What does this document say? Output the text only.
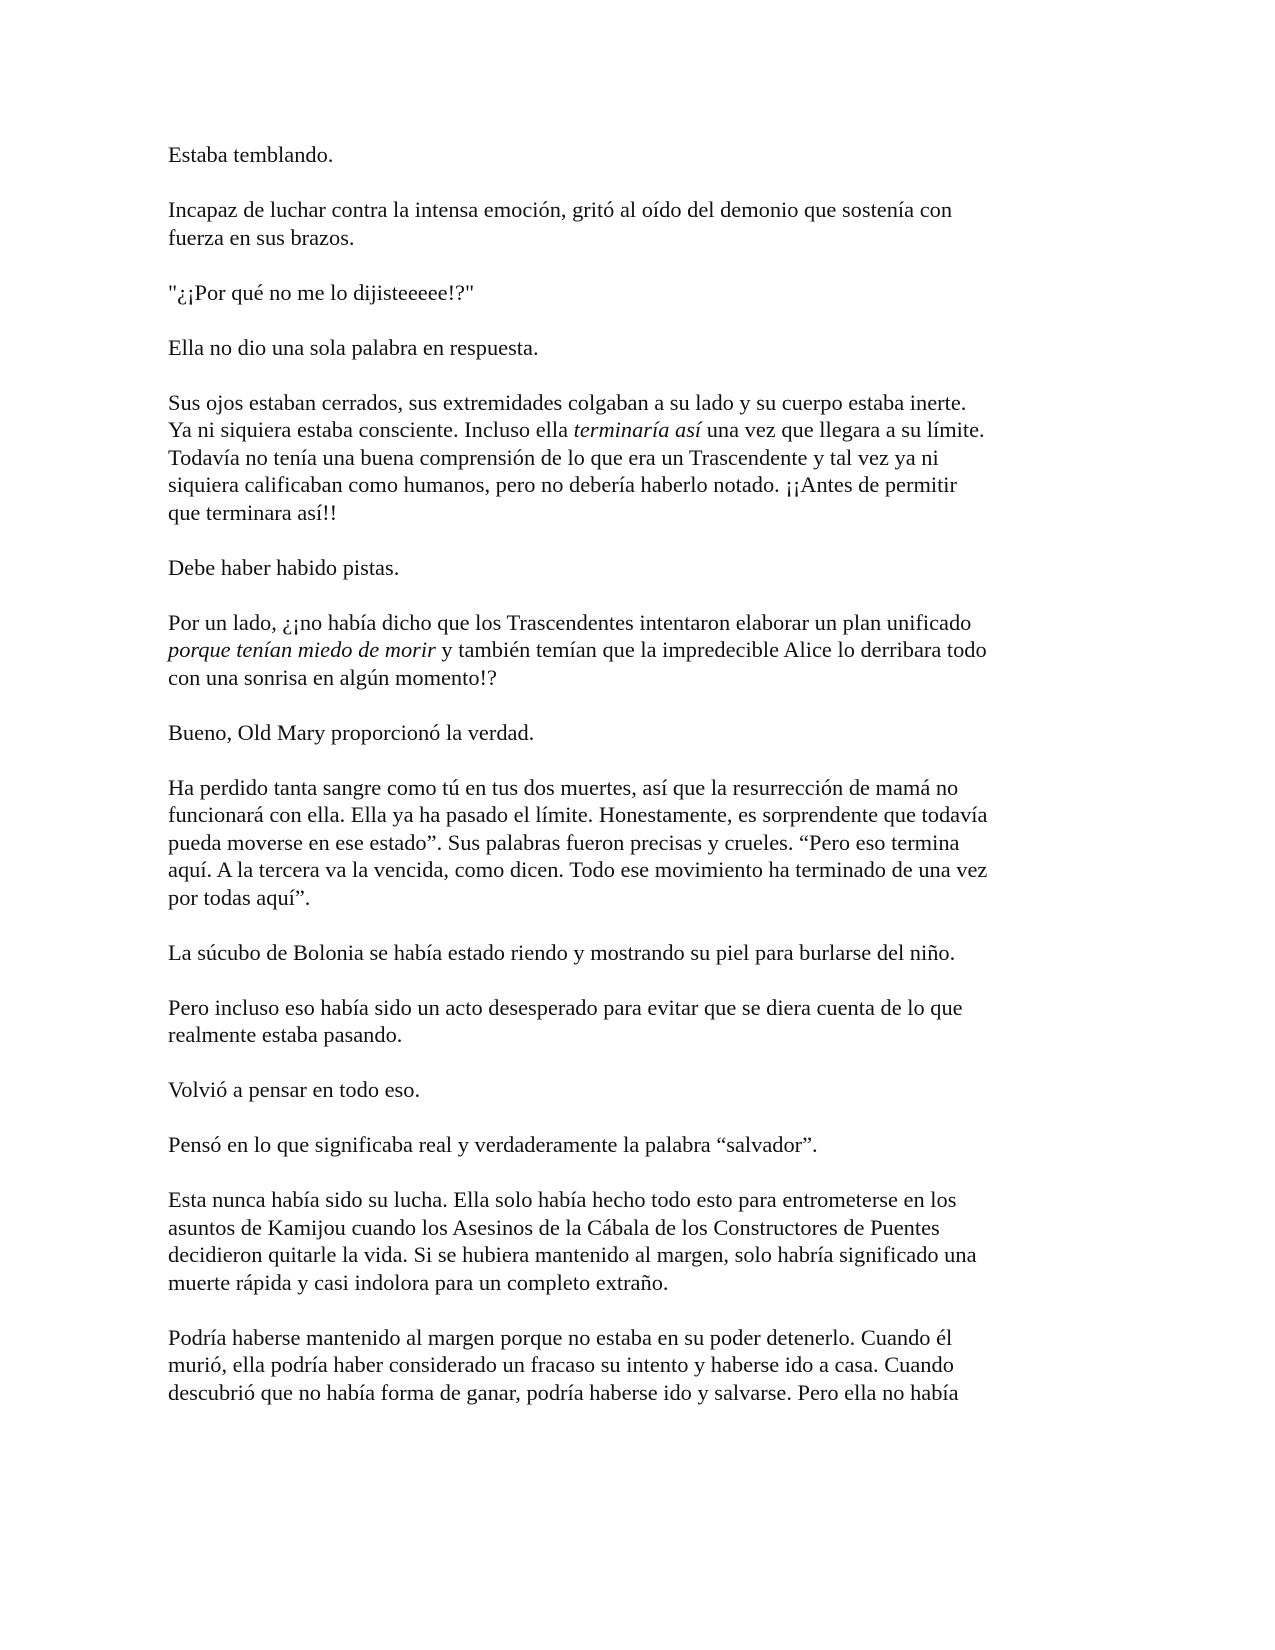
Estaba temblando.

Incapaz de luchar contra la intensa emoción, gritó al oído del demonio que sostenía con
fuerza en sus brazos.

"¿¡Por qué no me lo dijisteeeee!?"

Ella no dio una sola palabra en respuesta.

Sus ojos estaban cerrados, sus extremidades colgaban a su lado y su cuerpo estaba inerte.
Ya ni siquiera estaba consciente. Incluso ella terminaría así una vez que llegara a su límite.
Todavía no tenía una buena comprensión de lo que era un Trascendente y tal vez ya ni
siquiera calificaban como humanos, pero no debería haberlo notado. ¡¡Antes de permitir
que terminara así!!

Debe haber habido pistas.

Por un lado, ¿¡no había dicho que los Trascendentes intentaron elaborar un plan unificado
porque tenían miedo de morir y también temían que la impredecible Alice lo derribara todo
con una sonrisa en algún momento!?

Bueno, Old Mary proporcionó la verdad.

Ha perdido tanta sangre como tú en tus dos muertes, así que la resurrección de mamá no
funcionará con ella. Ella ya ha pasado el límite. Honestamente, es sorprendente que todavía
pueda moverse en ese estado”. Sus palabras fueron precisas y crueles. “Pero eso termina
aquí. A la tercera va la vencida, como dicen. Todo ese movimiento ha terminado de una vez
por todas aquí”.

La súcubo de Bolonia se había estado riendo y mostrando su piel para burlarse del niño.

Pero incluso eso había sido un acto desesperado para evitar que se diera cuenta de lo que
realmente estaba pasando.

Volvió a pensar en todo eso.

Pensó en lo que significaba real y verdaderamente la palabra “salvador”.

Esta nunca había sido su lucha. Ella solo había hecho todo esto para entrometerse en los
asuntos de Kamijou cuando los Asesinos de la Cábala de los Constructores de Puentes
decidieron quitarle la vida. Si se hubiera mantenido al margen, solo habría significado una
muerte rápida y casi indolora para un completo extraño.

Podría haberse mantenido al margen porque no estaba en su poder detenerlo. Cuando él
murió, ella podría haber considerado un fracaso su intento y haberse ido a casa. Cuando
descubrió que no había forma de ganar, podría haberse ido y salvarse. Pero ella no había
